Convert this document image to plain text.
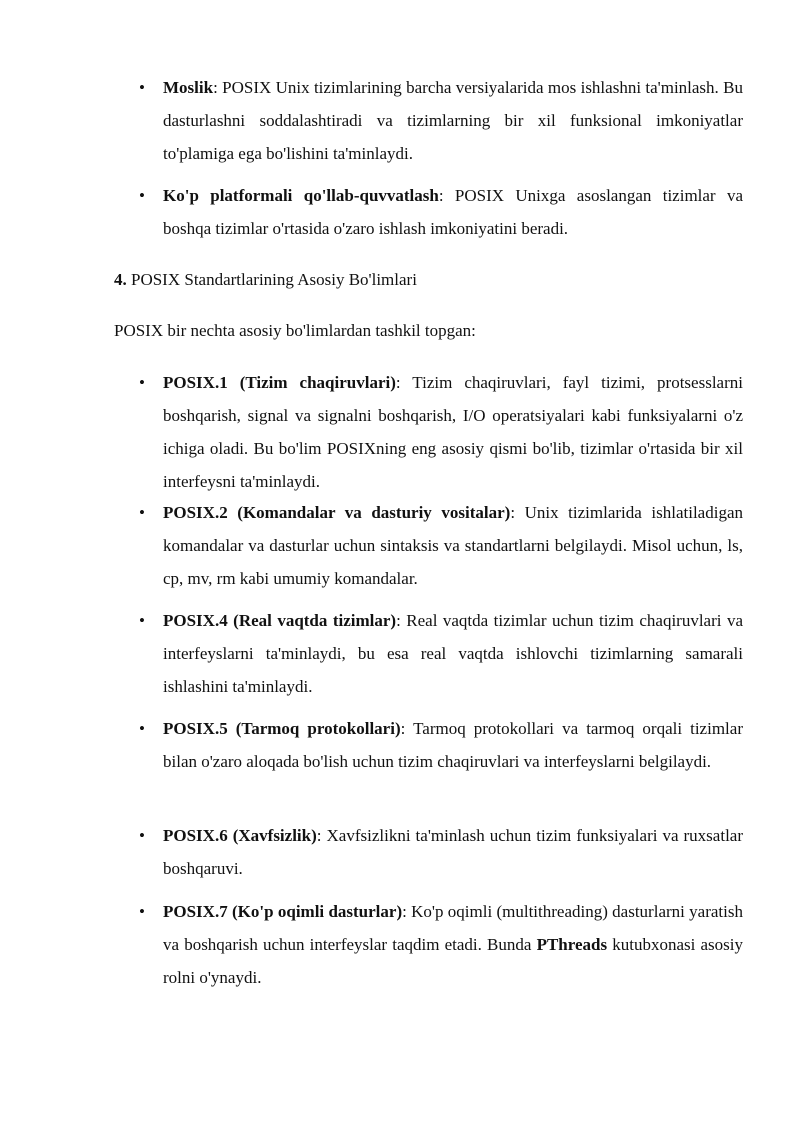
•
Moslik: POSIX Unix tizimlarining barcha versiyalarida mos ishlashni ta'minlash. Bu dasturlashni soddalashtiradi va tizimlarning bir xil funksional imkoniyatlar to'plamiga ega bo'lishini ta'minlaydi.
•
Ko'p platformali qo'llab-quvvatlash: POSIX Unixga asoslangan tizimlar va boshqa tizimlar o'rtasida o'zaro ishlash imkoniyatini beradi.
4. POSIX Standartlarining Asosiy Bo'limlari
POSIX bir nechta asosiy bo'limlardan tashkil topgan:
•
POSIX.1 (Tizim chaqiruvlari): Tizim chaqiruvlari, fayl tizimi, protsesslarni boshqarish, signal va signalni boshqarish, I/O operatsiyalari kabi funksiyalarni o'z ichiga oladi. Bu bo'lim POSIXning eng asosiy qismi bo'lib, tizimlar o'rtasida bir xil interfeysni ta'minlaydi.
•
POSIX.2 (Komandalar va dasturiy vositalar): Unix tizimlarida ishlatiladigan komandalar va dasturlar uchun sintaksis va standartlarni belgilaydi. Misol uchun, ls, cp, mv, rm kabi umumiy komandalar.
•
POSIX.4 (Real vaqtda tizimlar): Real vaqtda tizimlar uchun tizim chaqiruvlari va interfeyslarni ta'minlaydi, bu esa real vaqtda ishlovchi tizimlarning samarali ishlashini ta'minlaydi.
•
POSIX.5 (Tarmoq protokollari): Tarmoq protokollari va tarmoq orqali tizimlar bilan o'zaro aloqada bo'lish uchun tizim chaqiruvlari va interfeyslarni belgilaydi.
•
POSIX.6 (Xavfsizlik): Xavfsizlikni ta'minlash uchun tizim funksiyalari va ruxsatlar boshqaruvi.
•
POSIX.7 (Ko'p oqimli dasturlar): Ko'p oqimli (multithreading) dasturlarni yaratish va boshqarish uchun interfeyslar taqdim etadi. Bunda PThreads kutubxonasi asosiy rolni o'ynaydi.
